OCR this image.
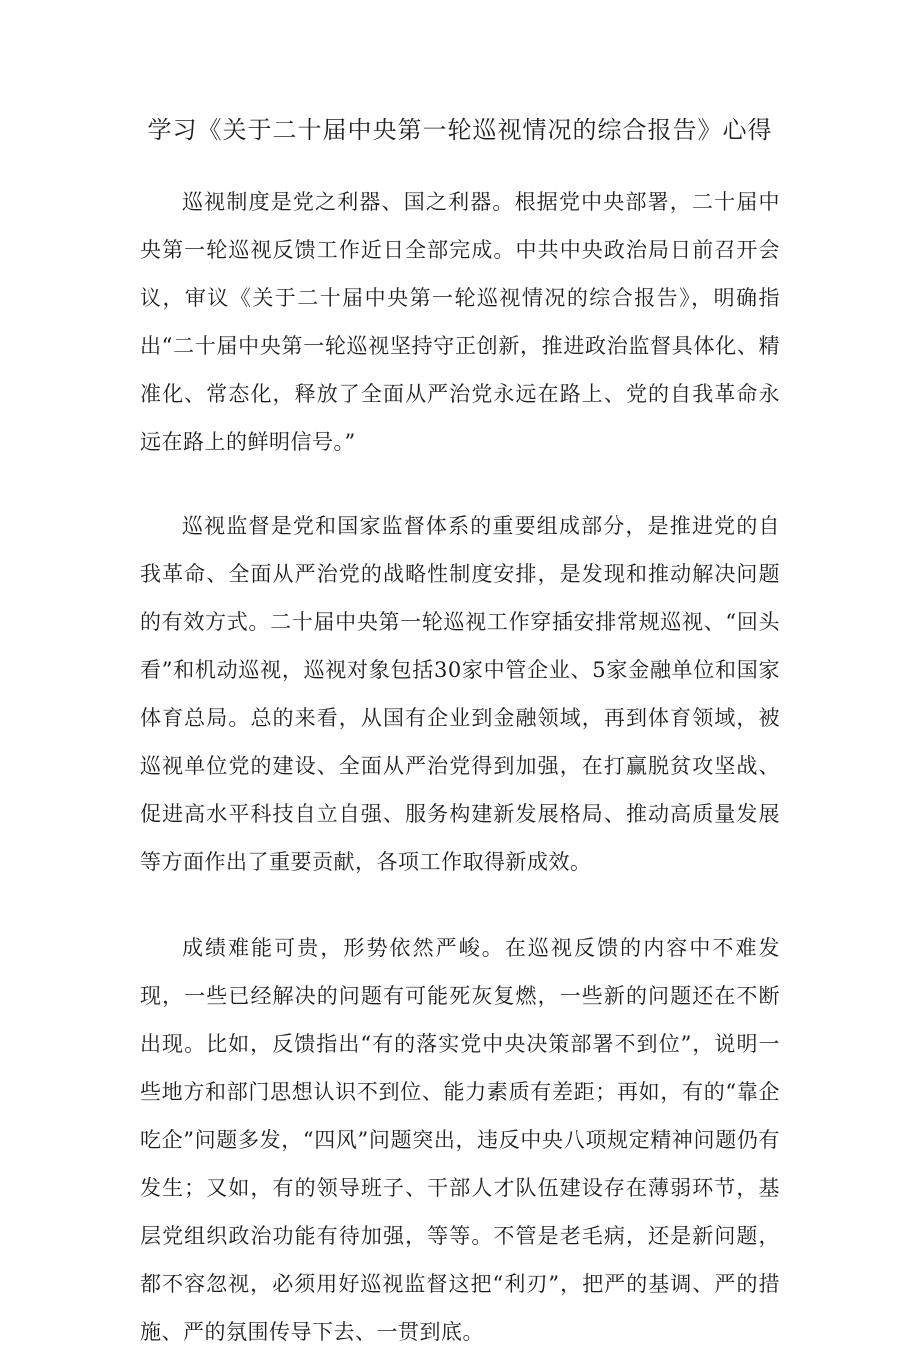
学习《关于二十届中央第一轮巡视情况的综合报告》心得

巡视制度是党之利器、国之利器。根据党中央部署，二十届中央第一轮巡视反馈工作近日全部完成。中共中央政治局日前召开会议，审议《关于二十届中央第一轮巡视情况的综合报告》，明确指出“二十届中央第一轮巡视坚持守正创新，推进政治监督具体化、精准化、常态化，释放了全面从严治党永远在路上、党的自我革命永远在路上的鲜明信号。”

巡视监督是党和国家监督体系的重要组成部分，是推进党的自我革命、全面从严治党的战略性制度安排，是发现和推动解决问题的有效方式。二十届中央第一轮巡视工作穿插安排常规巡视、“回头看”和机动巡视，巡视对象包括30家中管企业、5家金融单位和国家体育总局。总的来看，从国有企业到金融领域，再到体育领域，被巡视单位党的建设、全面从严治党得到加强，在打赢脱贫攻坚战、促进高水平科技自立自强、服务构建新发展格局、推动高质量发展等方面作出了重要贡献，各项工作取得新成效。

成绩难能可贵，形势依然严峻。在巡视反馈的内容中不难发现，一些已经解决的问题有可能死灰复燃，一些新的问题还在不断出现。比如，反馈指出“有的落实党中央决策部署不到位”，说明一些地方和部门思想认识不到位、能力素质有差距；再如，有的“靠企吃企”问题多发，“四风”问题突出，违反中央八项规定精神问题仍有发生；又如，有的领导班子、干部人才队伍建设存在薄弱环节，基层党组织政治功能有待加强，等等。不管是老毛病，还是新问题，都不容忽视，必须用好巡视监督这把“利刃”，把严的基调、严的措施、严的氛围传导下去、一贯到底。
